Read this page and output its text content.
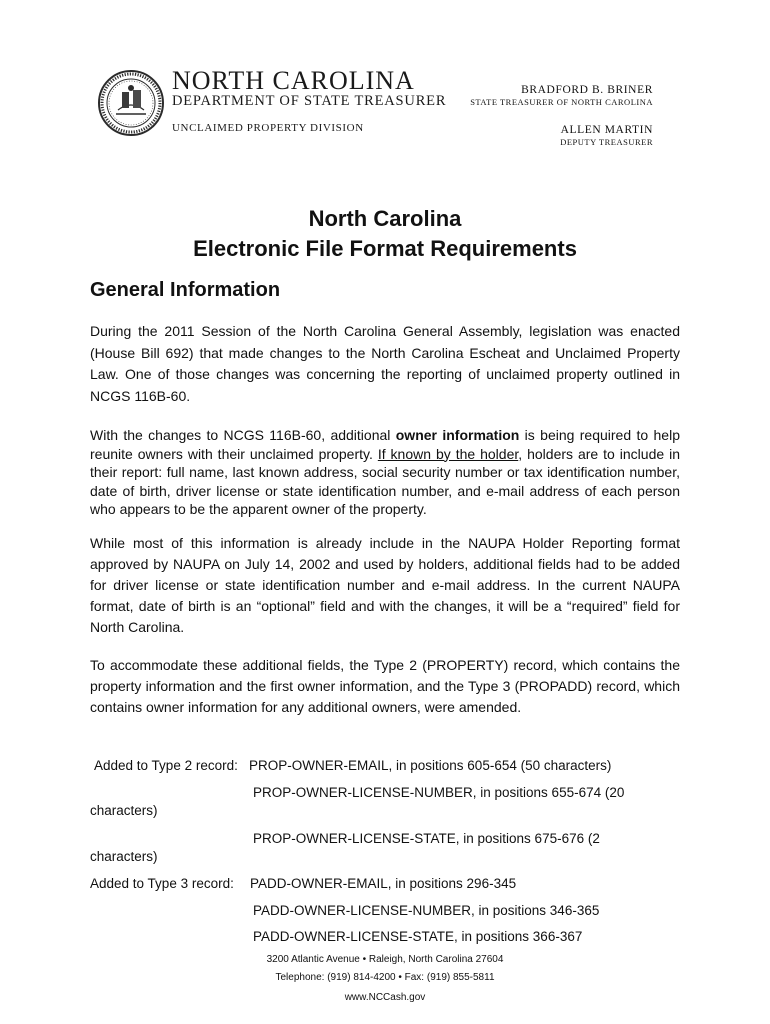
NORTH CAROLINA
DEPARTMENT OF STATE TREASURER
UNCLAIMED PROPERTY DIVISION
BRADFORD B. BRINER
STATE TREASURER OF NORTH CAROLINA
ALLEN MARTIN
DEPUTY TREASURER
North Carolina
Electronic File Format Requirements
General Information

During the 2011 Session of the North Carolina General Assembly, legislation was enacted (House Bill 692) that made changes to the North Carolina Escheat and Unclaimed Property Law. One of those changes was concerning the reporting of unclaimed property outlined in NCGS 116B-60.

With the changes to NCGS 116B-60, additional owner information is being required to help reunite owners with their unclaimed property. If known by the holder, holders are to include in their report: full name, last known address, social security number or tax identification number, date of birth, driver license or state identification number, and e-mail address of each person who appears to be the apparent owner of the property.

While most of this information is already include in the NAUPA Holder Reporting format approved by NAUPA on July 14, 2002 and used by holders, additional fields had to be added for driver license or state identification number and e-mail address. In the current NAUPA format, date of birth is an “optional” field and with the changes, it will be a “required” field for North Carolina.

To accommodate these additional fields, the Type 2 (PROPERTY) record, which contains the property information and the first owner information, and the Type 3 (PROPADD) record, which contains owner information for any additional owners, were amended.

Added to Type 2 record: PROP-OWNER-EMAIL, in positions 605-654 (50 characters)
PROP-OWNER-LICENSE-NUMBER, in positions 655-674 (20
characters)
PROP-OWNER-LICENSE-STATE, in positions 675-676 (2
characters)
Added to Type 3 record: PADD-OWNER-EMAIL, in positions 296-345
PADD-OWNER-LICENSE-NUMBER, in positions 346-365
PADD-OWNER-LICENSE-STATE, in positions 366-367
3200 Atlantic Avenue • Raleigh, North Carolina 27604
Telephone: (919) 814-4200 • Fax: (919) 855-5811
www.NCCash.gov
